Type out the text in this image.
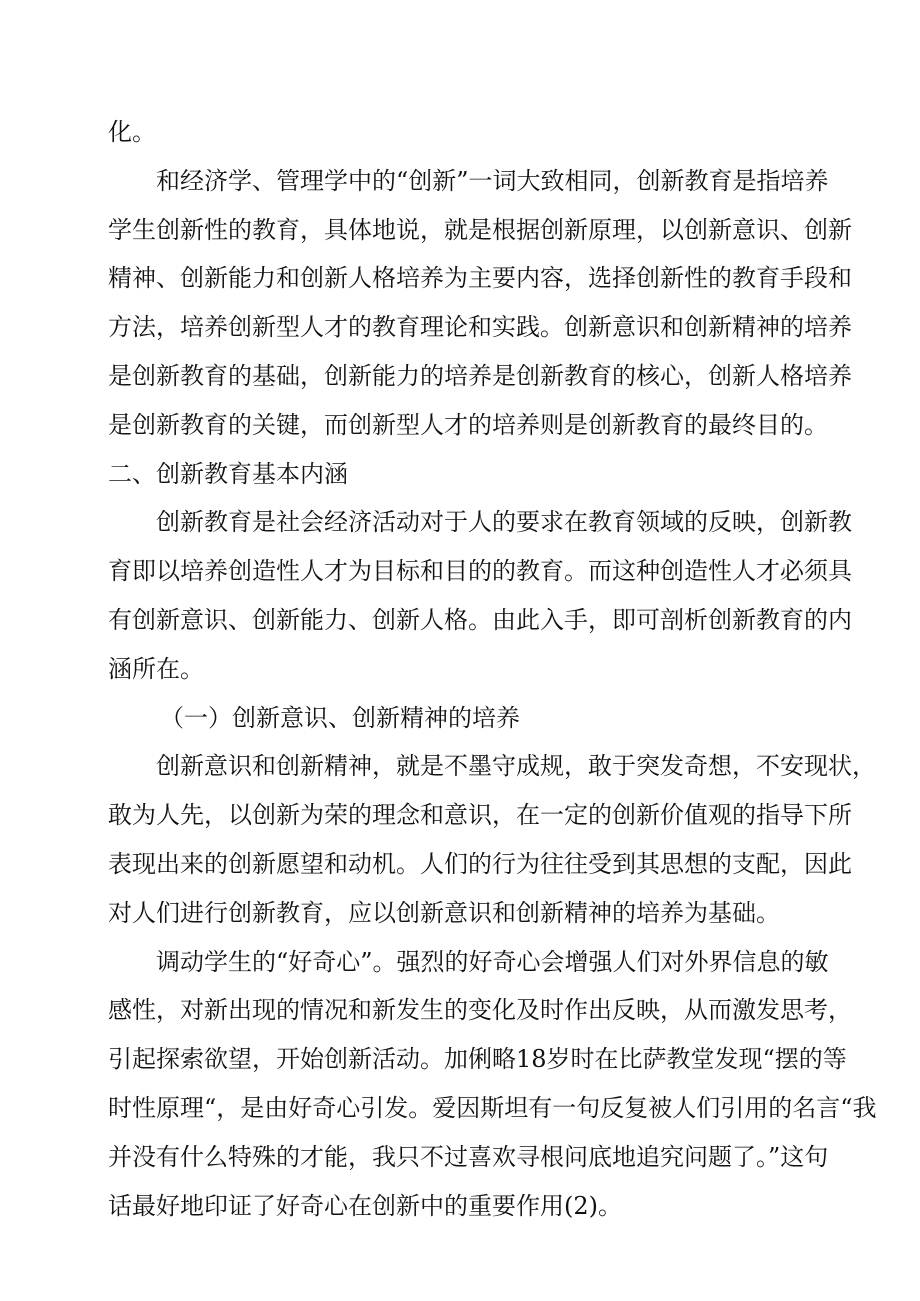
化。
和经济学、管理学中的“创新”一词大致相同，创新教育是指培养
学生创新性的教育，具体地说，就是根据创新原理，以创新意识、创新
精神、创新能力和创新人格培养为主要内容，选择创新性的教育手段和
方法，培养创新型人才的教育理论和实践。创新意识和创新精神的培养
是创新教育的基础，创新能力的培养是创新教育的核心，创新人格培养
是创新教育的关键，而创新型人才的培养则是创新教育的最终目的。
二、创新教育基本内涵
创新教育是社会经济活动对于人的要求在教育领域的反映，创新教
育即以培养创造性人才为目标和目的的教育。而这种创造性人才必须具
有创新意识、创新能力、创新人格。由此入手，即可剖析创新教育的内
涵所在。
（一）创新意识、创新精神的培养
创新意识和创新精神，就是不墨守成规，敢于突发奇想，不安现状，
敢为人先，以创新为荣的理念和意识，在一定的创新价值观的指导下所
表现出来的创新愿望和动机。人们的行为往往受到其思想的支配，因此
对人们进行创新教育，应以创新意识和创新精神的培养为基础。
调动学生的“好奇心”。强烈的好奇心会增强人们对外界信息的敏
感性，对新出现的情况和新发生的变化及时作出反映，从而激发思考，
引起探索欲望，开始创新活动。加俐略18岁时在比萨教堂发现“摆的等
时性原理“，是由好奇心引发。爱因斯坦有一句反复被人们引用的名言“我
并没有什么特殊的才能，我只不过喜欢寻根问底地追究问题了。”这句
话最好地印证了好奇心在创新中的重要作用(2)。
